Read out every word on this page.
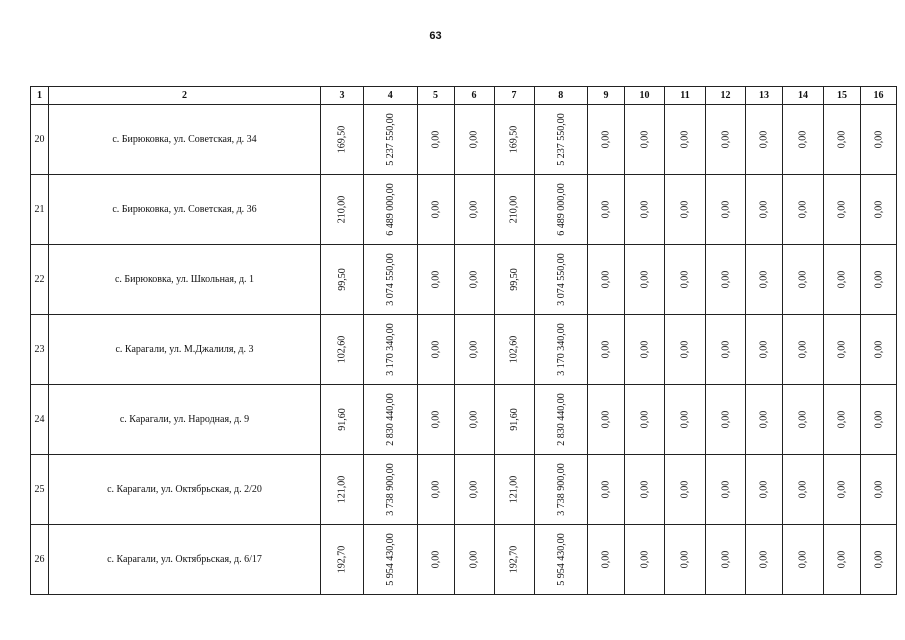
63
1	2	3	4	5	6	7	8	9	10	11	12	13	14	15	16
20	с. Бирюковка, ул. Советская, д. 34	169,50	5 237 550,00	0,00	0,00	169,50	5 237 550,00	0,00	0,00	0,00	0,00	0,00	0,00	0,00	0,00
21	с. Бирюковка, ул. Советская, д. 36	210,00	6 489 000,00	0,00	0,00	210,00	6 489 000,00	0,00	0,00	0,00	0,00	0,00	0,00	0,00	0,00
22	с. Бирюковка, ул. Школьная, д. 1	99,50	3 074 550,00	0,00	0,00	99,50	3 074 550,00	0,00	0,00	0,00	0,00	0,00	0,00	0,00	0,00
23	с. Карагали, ул. М.Джалиля, д. 3	102,60	3 170 340,00	0,00	0,00	102,60	3 170 340,00	0,00	0,00	0,00	0,00	0,00	0,00	0,00	0,00
24	с. Карагали, ул. Народная, д. 9	91,60	2 830 440,00	0,00	0,00	91,60	2 830 440,00	0,00	0,00	0,00	0,00	0,00	0,00	0,00	0,00
25	с. Карагали, ул. Октябрьская, д. 2/20	121,00	3 738 900,00	0,00	0,00	121,00	3 738 900,00	0,00	0,00	0,00	0,00	0,00	0,00	0,00	0,00
26	с. Карагали, ул. Октябрьская, д. 6/17	192,70	5 954 430,00	0,00	0,00	192,70	5 954 430,00	0,00	0,00	0,00	0,00	0,00	0,00	0,00	0,00
